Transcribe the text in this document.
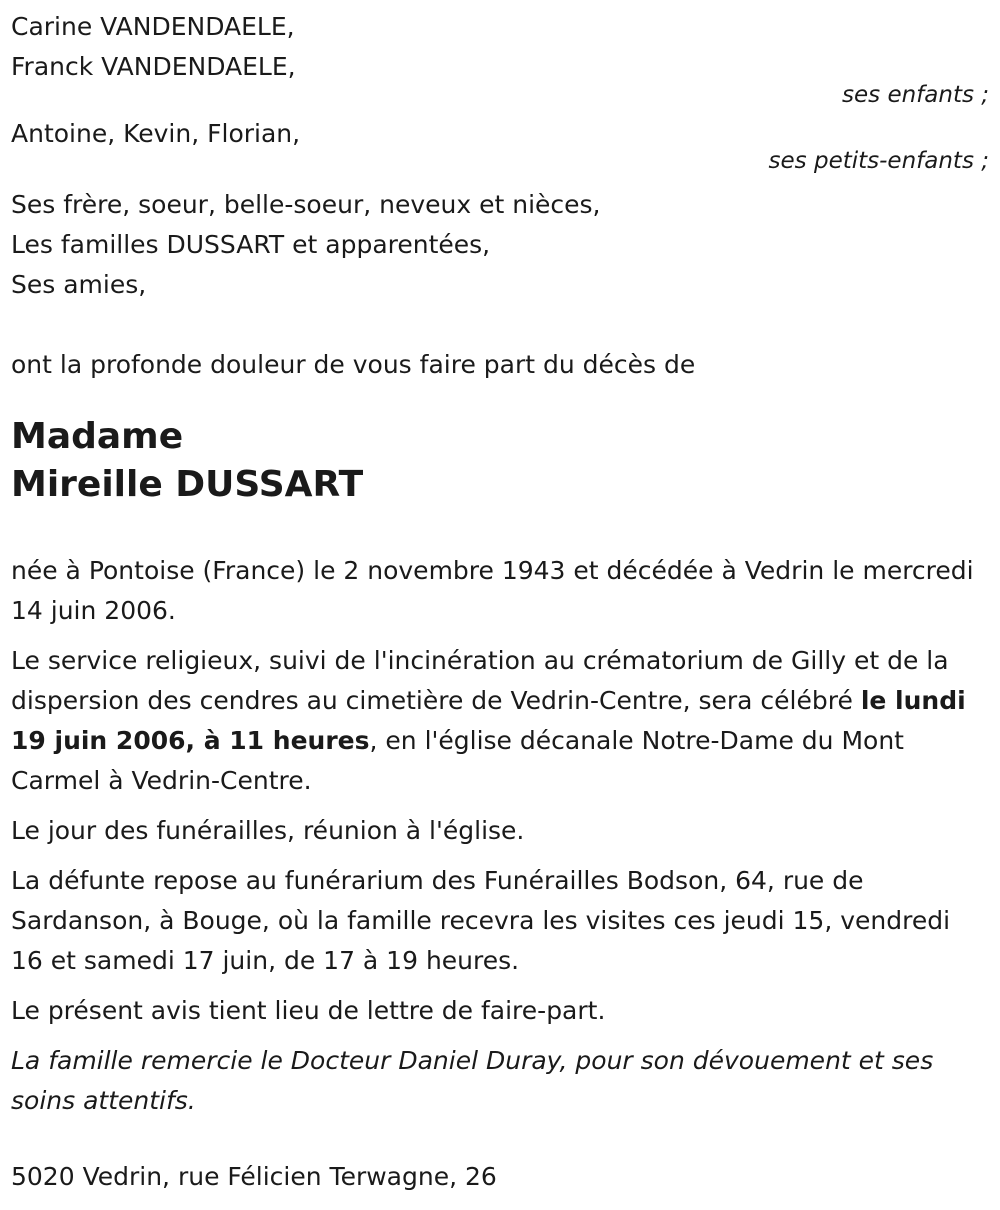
Carine VANDENDAELE,

Franck VANDENDAELE,

ses enfants ;

Antoine, Kevin, Florian,

ses petits-enfants ;

Ses frère, soeur, belle-soeur, neveux et nièces,

Les familles DUSSART et apparentées,

Ses amies,

ont la profonde douleur de vous faire part du décès de

Madame

Mireille DUSSART

née à Pontoise (France) le 2 novembre 1943 et décédée à Vedrin le mercredi 14 juin 2006.

Le service religieux, suivi de l'incinération au crématorium de Gilly et de la dispersion des cendres au cimetière de Vedrin-Centre, sera célébré le lundi 19 juin 2006, à 11 heures, en l'église décanale Notre-Dame du Mont Carmel à Vedrin-Centre.

Le jour des funérailles, réunion à l'église.

La défunte repose au funérarium des Funérailles Bodson, 64, rue de Sardanson, à Bouge, où la famille recevra les visites ces jeudi 15, vendredi 16 et samedi 17 juin, de 17 à 19 heures.

Le présent avis tient lieu de lettre de faire-part.

La famille remercie le Docteur Daniel Duray, pour son dévouement et ses soins attentifs.

5020 Vedrin, rue Félicien Terwagne, 26
